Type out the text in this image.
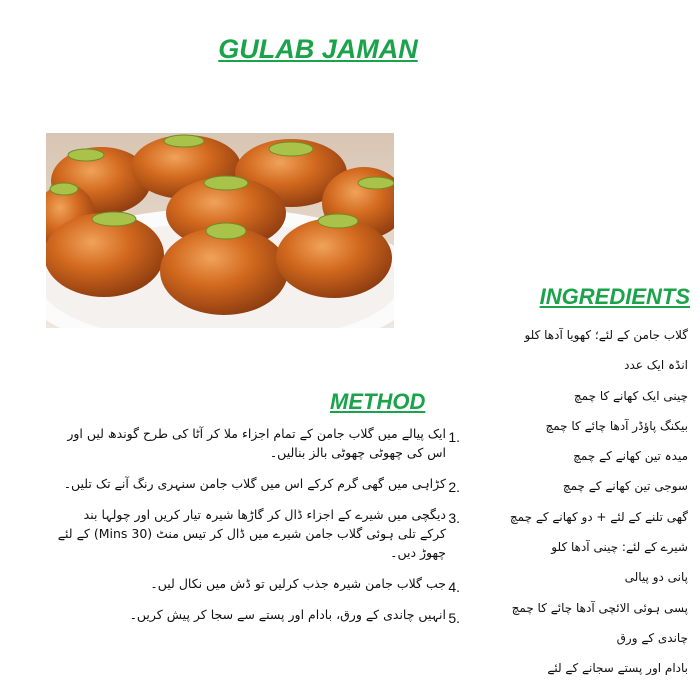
GULAB JAMAN
INGREDIENTS
گلاب جامن کے لئے؛ کھویا آدھا کلو
انڈہ ایک عدد
چینی ایک کھانے کا چمچ
بیکنگ پاؤڈر آدھا چائے کا چمچ
میدہ تین کھانے کے چمچ
سوجی تین کھانے کے چمچ
گھی تلنے کے لئے + دو کھانے کے چمچ
شیرے کے لئے: چینی آدھا کلو
پانی دو پیالی
پسی ہوئی الائچی آدھا چائے کا چمچ
چاندی کے ورق
بادام اور پستے سجانے کے لئے
METHOD
1.
ایک پیالے میں گلاب جامن کے تمام اجزاء ملا کر آٹا کی طرح گوندھ لیں اور اس کی چھوٹی چھوٹی بالز بنالیں۔
2.
کڑاہی میں گھی گرم کرکے اس میں گلاب جامن سنہری رنگ آنے تک تلیں۔
3.
دیگچی میں شیرے کے اجزاء ڈال کر گاڑھا شیرہ تیار کریں اور چولہا بند کرکے تلی ہوئی گلاب جامن شیرے میں ڈال کر تیس منٹ (30 Mins) کے لئے چھوڑ دیں۔
4.
جب گلاب جامن شیرہ جذب کرلیں تو ڈش میں نکال لیں۔
5.
انہیں چاندی کے ورق، بادام اور پستے سے سجا کر پیش کریں۔
